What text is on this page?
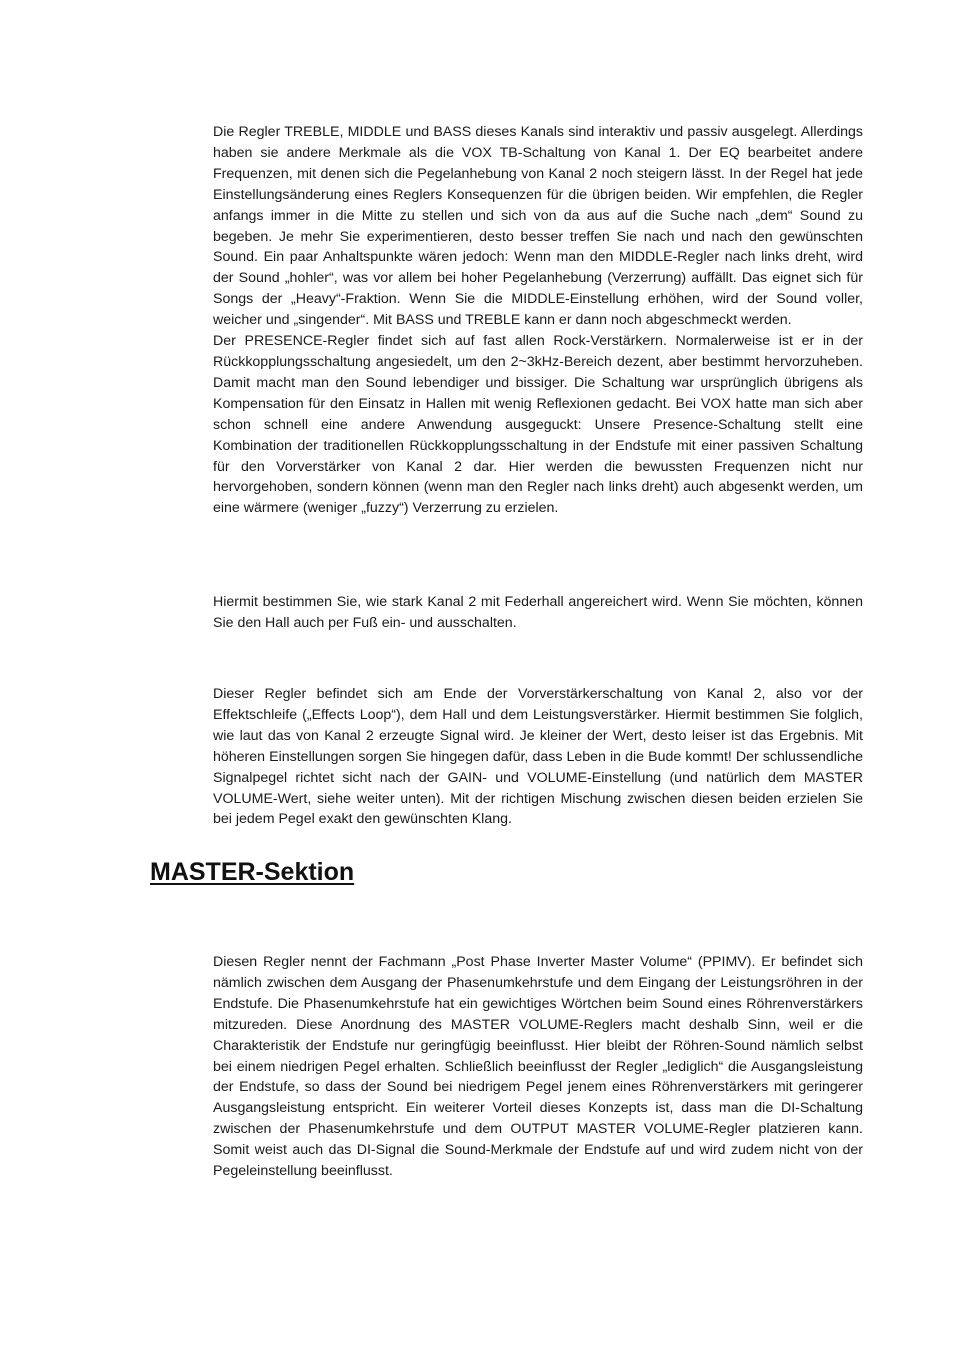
Die Regler TREBLE, MIDDLE und BASS dieses Kanals sind interaktiv und passiv ausgelegt. Allerdings haben sie andere Merkmale als die VOX TB-Schaltung von Kanal 1. Der EQ bearbeitet andere Frequenzen, mit denen sich die Pegelanhebung von Kanal 2 noch steigern lässt. In der Regel hat jede Einstellungsänderung eines Reglers Konsequenzen für die übrigen beiden. Wir empfehlen, die Regler anfangs immer in die Mitte zu stellen und sich von da aus auf die Suche nach „dem“ Sound zu begeben. Je mehr Sie experimentieren, desto besser treffen Sie nach und nach den gewünschten Sound. Ein paar Anhaltspunkte wären jedoch: Wenn man den MIDDLE-Regler nach links dreht, wird der Sound „hohler“, was vor allem bei hoher Pegelanhebung (Verzerrung) auffällt. Das eignet sich für Songs der „Heavy“-Fraktion. Wenn Sie die MIDDLE-Einstellung erhöhen, wird der Sound voller, weicher und „singender“. Mit BASS und TREBLE kann er dann noch abgeschmeckt werden.

Der PRESENCE-Regler findet sich auf fast allen Rock-Verstärkern. Normalerweise ist er in der Rückkopplungsschaltung angesiedelt, um den 2~3kHz-Bereich dezent, aber bestimmt hervorzuheben. Damit macht man den Sound lebendiger und bissiger. Die Schaltung war ursprünglich übrigens als Kompensation für den Einsatz in Hallen mit wenig Reflexionen gedacht. Bei VOX hatte man sich aber schon schnell eine andere Anwendung ausgeguckt: Unsere Presence-Schaltung stellt eine Kombination der traditionellen Rückkopplungsschaltung in der Endstufe mit einer passiven Schaltung für den Vorverstärker von Kanal 2 dar. Hier werden die bewussten Frequenzen nicht nur hervorgehoben, sondern können (wenn man den Regler nach links dreht) auch abgesenkt werden, um eine wärmere (weniger „fuzzy“) Verzerrung zu erzielen.

Hiermit bestimmen Sie, wie stark Kanal 2 mit Federhall angereichert wird. Wenn Sie möchten, können Sie den Hall auch per Fuß ein- und ausschalten.

Dieser Regler befindet sich am Ende der Vorverstärkerschaltung von Kanal 2, also vor der Effektschleife („Effects Loop“), dem Hall und dem Leistungsverstärker. Hiermit bestimmen Sie folglich, wie laut das von Kanal 2 erzeugte Signal wird. Je kleiner der Wert, desto leiser ist das Ergebnis. Mit höheren Einstellungen sorgen Sie hingegen dafür, dass Leben in die Bude kommt! Der schlussendliche Signalpegel richtet sicht nach der GAIN- und VOLUME-Einstellung (und natürlich dem MASTER VOLUME-Wert, siehe weiter unten). Mit der richtigen Mischung zwischen diesen beiden erzielen Sie bei jedem Pegel exakt den gewünschten Klang.

MASTER-Sektion

Diesen Regler nennt der Fachmann „Post Phase Inverter Master Volume“ (PPIMV). Er befindet sich nämlich zwischen dem Ausgang der Phasenumkehrstufe und dem Eingang der Leistungsröhren in der Endstufe. Die Phasenumkehrstufe hat ein gewichtiges Wörtchen beim Sound eines Röhrenverstärkers mitzureden. Diese Anordnung des MASTER VOLUME-Reglers macht deshalb Sinn, weil er die Charakteristik der Endstufe nur geringfügig beeinflusst. Hier bleibt der Röhren-Sound nämlich selbst bei einem niedrigen Pegel erhalten. Schließlich beeinflusst der Regler „lediglich“ die Ausgangsleistung der Endstufe, so dass der Sound bei niedrigem Pegel jenem eines Röhrenverstärkers mit geringerer Ausgangsleistung entspricht. Ein weiterer Vorteil dieses Konzepts ist, dass man die DI-Schaltung zwischen der Phasenumkehrstufe und dem OUTPUT MASTER VOLUME-Regler platzieren kann. Somit weist auch das DI-Signal die Sound-Merkmale der Endstufe auf und wird zudem nicht von der Pegeleinstellung beeinflusst.
